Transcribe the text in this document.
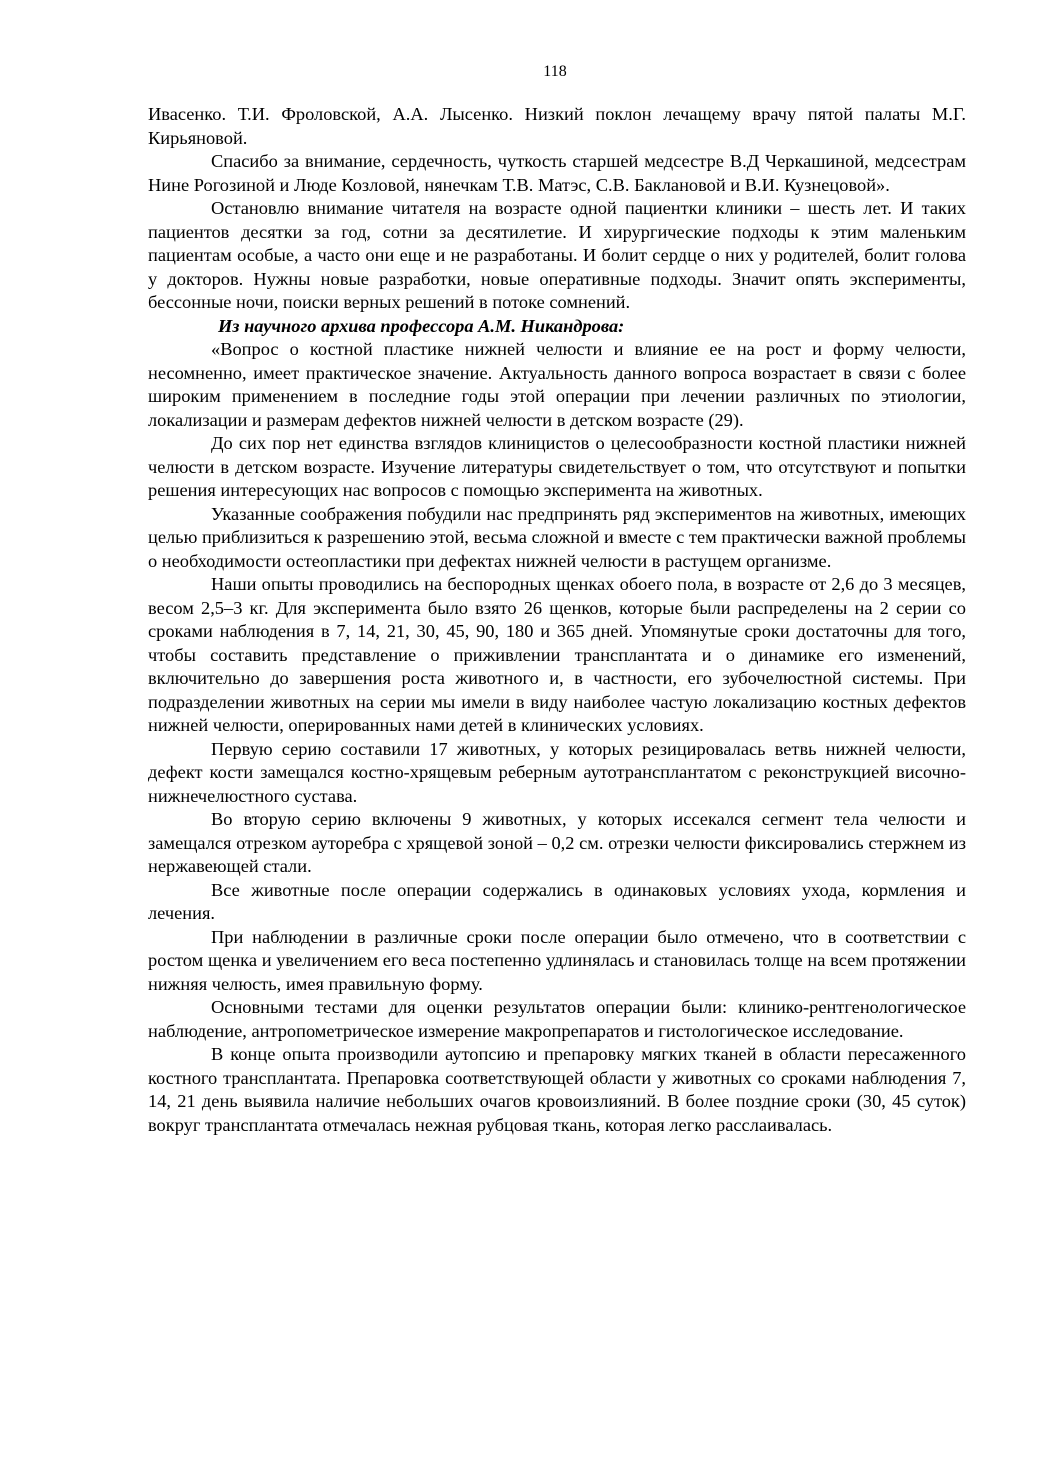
118

Ивасенко. Т.И. Фроловской, А.А. Лысенко. Низкий поклон лечащему врачу пятой палаты М.Г. Кирьяновой.

Спасибо за внимание, сердечность, чуткость старшей медсестре В.Д Черкашиной, медсестрам Нине Рогозиной и Люде Козловой, нянечкам Т.В. Матэс, С.В. Баклановой и В.И. Кузнецовой».

Остановлю внимание читателя на возрасте одной пациентки клиники – шесть лет. И таких пациентов десятки за год, сотни за десятилетие. И хирургические подходы к этим маленьким пациентам особые, а часто они еще и не разработаны. И болит сердце о них у родителей, болит голова у докторов. Нужны новые разработки, новые оперативные подходы. Значит опять эксперименты, бессонные ночи, поиски верных решений в потоке сомнений.

Из научного архива профессора А.М. Никандрова:

«Вопрос о костной пластике нижней челюсти и влияние ее на рост и форму челюсти, несомненно, имеет практическое значение. Актуальность данного вопроса возрастает в связи с более широким применением в последние годы этой операции при лечении различных по этиологии, локализации и размерам дефектов нижней челюсти в детском возрасте (29).

До сих пор нет единства взглядов клиницистов о целесообразности костной пластики нижней челюсти в детском возрасте. Изучение литературы свидетельствует о том, что отсутствуют и попытки решения интересующих нас вопросов с помощью эксперимента на животных.

Указанные соображения побудили нас предпринять ряд экспериментов на животных, имеющих целью приблизиться к разрешению этой, весьма сложной и вместе с тем практически важной проблемы о необходимости остеопластики при дефектах нижней челюсти в растущем организме.

Наши опыты проводились на беспородных щенках обоего пола, в возрасте от 2,6 до 3 месяцев, весом 2,5–3 кг. Для эксперимента было взято 26 щенков, которые были распределены на 2 серии со сроками наблюдения в 7, 14, 21, 30, 45, 90, 180 и 365 дней. Упомянутые сроки достаточны для того, чтобы составить представление о приживлении трансплантата и о динамике его изменений, включительно до завершения роста животного и, в частности, его зубочелюстной системы. При подразделении животных на серии мы имели в виду наиболее частую локализацию костных дефектов нижней челюсти, оперированных нами детей в клинических условиях.

Первую серию составили 17 животных, у которых резицировалась ветвь нижней челюсти, дефект кости замещался костно-хрящевым реберным аутотрансплантатом с реконструкцией височно-нижнечелюстного сустава.

Во вторую серию включены 9 животных, у которых иссекался сегмент тела челюсти и замещался отрезком ауторебра с хрящевой зоной – 0,2 см. отрезки челюсти фиксировались стержнем из нержавеющей стали.

Все животные после операции содержались в одинаковых условиях ухода, кормления и лечения.

При наблюдении в различные сроки после операции было отмечено, что в соответствии с ростом щенка и увеличением его веса постепенно удлинялась и становилась толще на всем протяжении нижняя челюсть, имея правильную форму.

Основными тестами для оценки результатов операции были: клинико-рентгенологическое наблюдение, антропометрическое измерение макропрепаратов и гистологическое исследование.

В конце опыта производили аутопсию и препаровку мягких тканей в области пересаженного костного трансплантата. Препаровка соответствующей области у животных со сроками наблюдения 7, 14, 21 день выявила наличие небольших очагов кровоизлияний. В более поздние сроки (30, 45 суток) вокруг трансплантата отмечалась нежная рубцовая ткань, которая легко расслаивалась.
